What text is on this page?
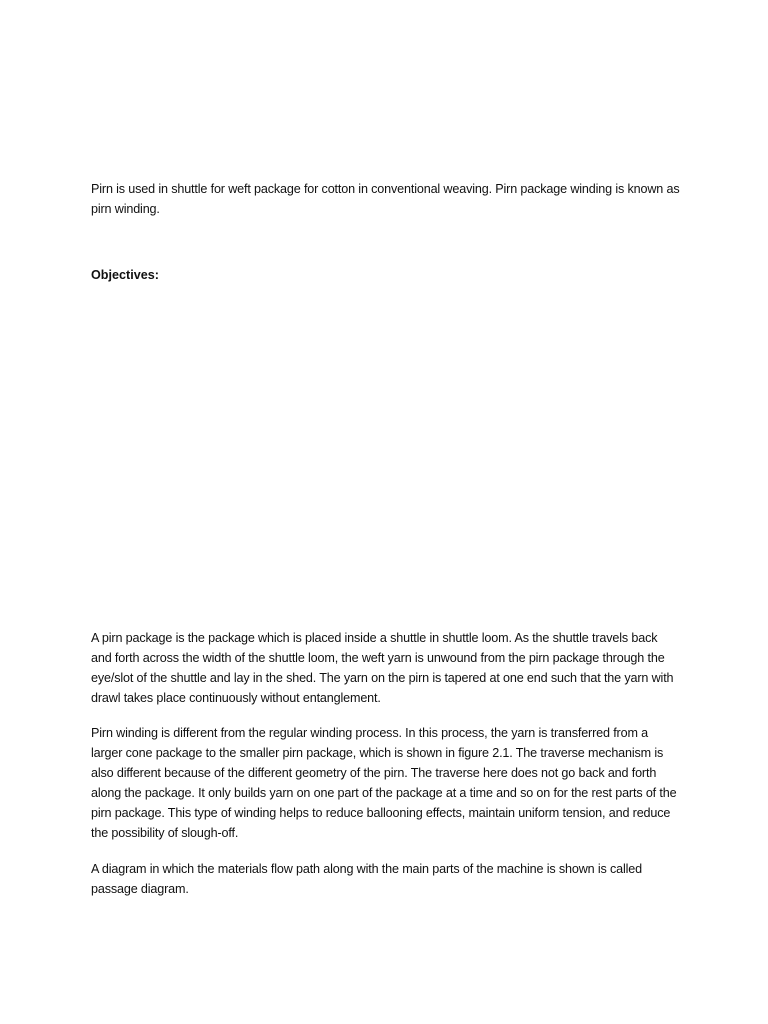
Pirn is used in shuttle for weft package for cotton in conventional weaving. Pirn package winding is known as pirn winding.

Objectives:

A pirn package is the package which is placed inside a shuttle in shuttle loom. As the shuttle travels back and forth across the width of the shuttle loom, the weft yarn is unwound from the pirn package through the eye/slot of the shuttle and lay in the shed. The yarn on the pirn is tapered at one end such that the yarn with drawl takes place continuously without entanglement.

Pirn winding is different from the regular winding process. In this process, the yarn is transferred from a larger cone package to the smaller pirn package, which is shown in figure 2.1. The traverse mechanism is also different because of the different geometry of the pirn. The traverse here does not go back and forth along the package. It only builds yarn on one part of the package at a time and so on for the rest parts of the pirn package. This type of winding helps to reduce ballooning effects, maintain uniform tension, and reduce the possibility of slough-off.

A diagram in which the materials flow path along with the main parts of the machine is shown is called passage diagram.
